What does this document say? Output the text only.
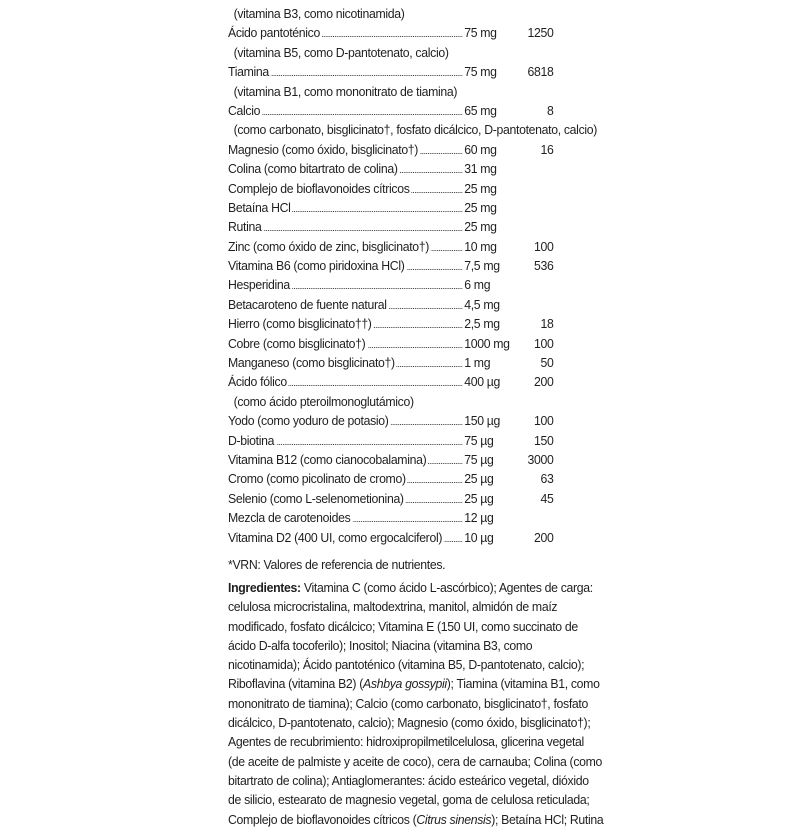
(vitamina B3, como nicotinamida)
Ácido pantoténico	75 mg 1250
(vitamina B5, como D-pantotenato, calcio)
Tiamina	75 mg 6818
(vitamina B1, como mononitrato de tiamina)
Calcio	65 mg	8
(como carbonato, bisglicinato†, fosfato dicálcico, D-pantotenato, calcio)
Magnesio (como óxido, bisglicinato†)	60 mg	16
Colina (como bitartrato de colina)	31 mg
Complejo de bioflavonoides cítricos	25 mg
Betaína HCl	25 mg
Rutina	25 mg
Zinc (como óxido de zinc, bisglicinato†)	10 mg	100
Vitamina B6 (como piridoxina HCl)	7,5 mg	536
Hesperidina	6 mg
Betacaroteno de fuente natural	4,5 mg
Hierro (como bisglicinato††)	2,5 mg	18
Cobre (como bisglicinato†)	1000 mg 100
Manganeso (como bisglicinato†)	1 mg	50
Ácido fólico	400 µg	200
(como ácido pteroilmonoglutámico)
Yodo (como yoduro de potasio)	150 µg	100
D-biotina	75 µg	150
Vitamina B12 (como cianocobalamina)	75 µg	3000
Cromo (como picolinato de cromo)	25 µg	63
Selenio (como L-selenometionina)	25 µg	45
Mezcla de carotenoides	12 µg
Vitamina D2 (400 UI, como ergocalciferol) 10 µg	200
*VRN: Valores de referencia de nutrientes.
Ingredientes: Vitamina C (como ácido L-ascórbico); Agentes de carga:
celulosa microcristalina, maltodextrina, manitol, almidón de maíz
modificado, fosfato dicálcico; Vitamina E (150 UI, como succinato de
ácido D-alfa tocoferilo); Inositol; Niacina (vitamina B3, como
nicotinamida); Ácido pantoténico (vitamina B5, D-pantotenato, calcio);
Riboflavina (vitamina B2) (Ashbya gossypii); Tiamina (vitamina B1, como
mononitrato de tiamina); Calcio (como carbonato, bisglicinato†, fosfato
dicálcico, D-pantotenato, calcio); Magnesio (como óxido, bisglicinato†);
Agentes de recubrimiento: hidroxipropilmetilcelulosa, glicerina vegetal
(de aceite de palmiste y aceite de coco), cera de carnauba; Colina (como
bitartrato de colina); Antiaglomerantes: ácido esteárico vegetal, dióxido
de silicio, estearato de magnesio vegetal, goma de celulosa reticulada;
Complejo de bioflavonoides cítricos (Citrus sinensis); Betaína HCl; Rutina
